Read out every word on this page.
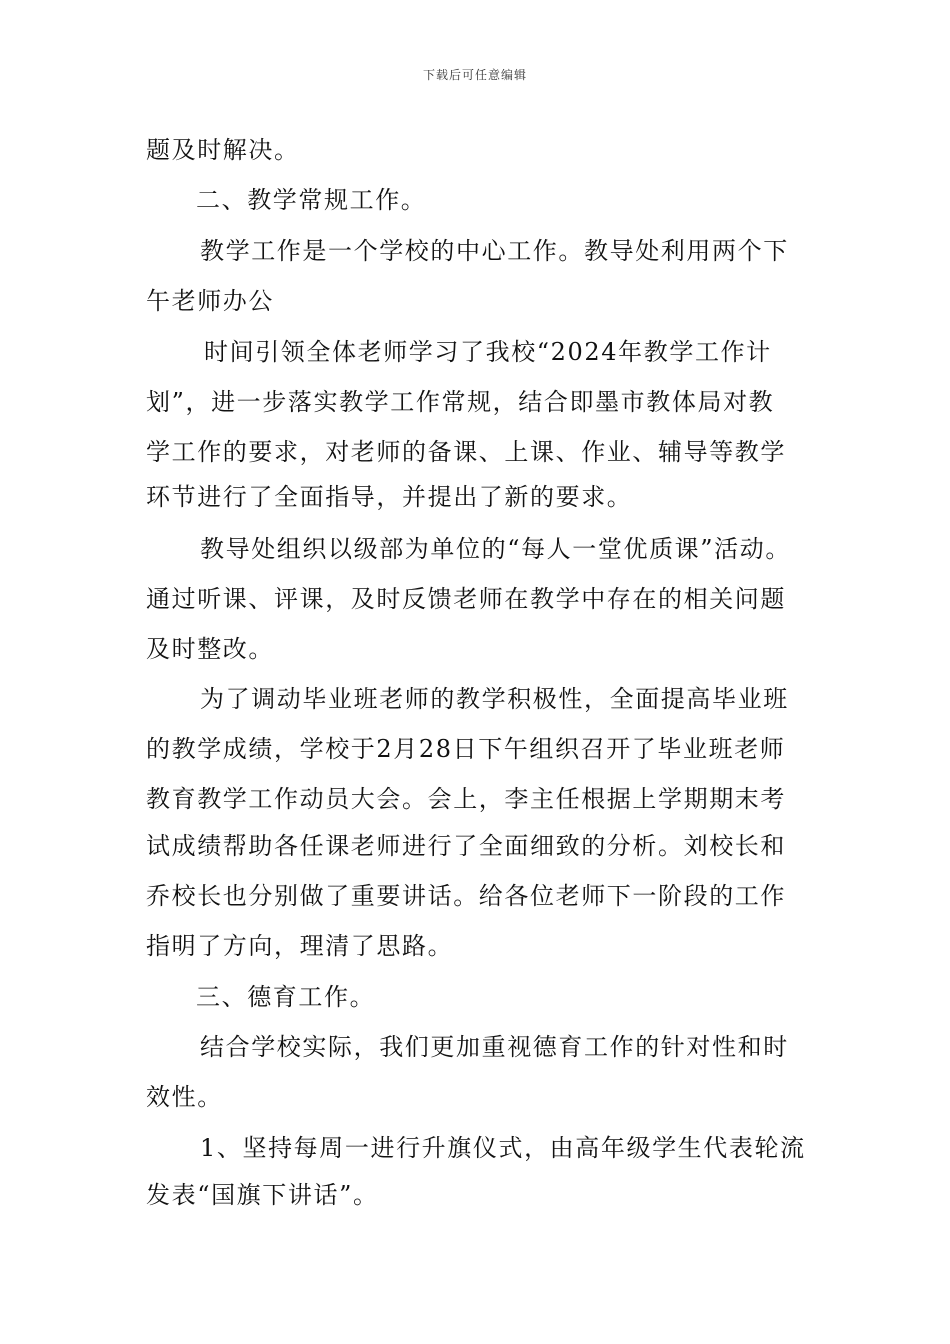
下载后可任意编辑
题及时解决。
二、教学常规工作。
教学工作是一个学校的中心工作。教导处利用两个下
午老师办公
时间引领全体老师学习了我校“2024年教学工作计
划”，进一步落实教学工作常规，结合即墨市教体局对教
学工作的要求，对老师的备课、上课、作业、辅导等教学
环节进行了全面指导，并提出了新的要求。
教导处组织以级部为单位的“每人一堂优质课”活动。
通过听课、评课，及时反馈老师在教学中存在的相关问题
及时整改。
为了调动毕业班老师的教学积极性，全面提高毕业班
的教学成绩，学校于2月28日下午组织召开了毕业班老师
教育教学工作动员大会。会上，李主任根据上学期期末考
试成绩帮助各任课老师进行了全面细致的分析。刘校长和
乔校长也分别做了重要讲话。给各位老师下一阶段的工作
指明了方向，理清了思路。
三、德育工作。
结合学校实际，我们更加重视德育工作的针对性和时
效性。
1、坚持每周一进行升旗仪式，由高年级学生代表轮流
发表“国旗下讲话”。
